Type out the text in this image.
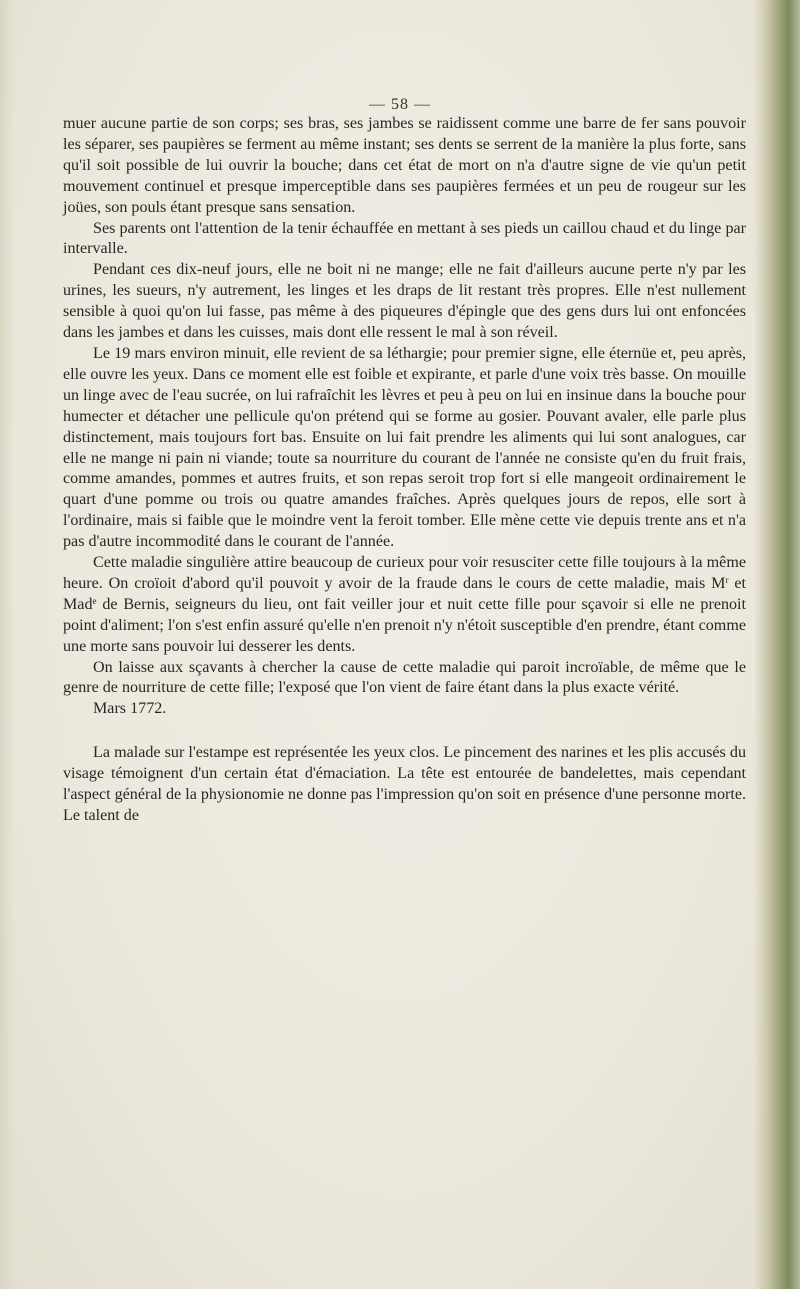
— 58 —

muer aucune partie de son corps; ses bras, ses jambes se raidissent comme une barre de fer sans pouvoir les séparer, ses paupières se ferment au même instant; ses dents se serrent de la manière la plus forte, sans qu'il soit possible de lui ouvrir la bouche; dans cet état de mort on n'a d'autre signe de vie qu'un petit mouvement continuel et presque imperceptible dans ses paupières fermées et un peu de rougeur sur les joües, son pouls étant presque sans sensation.

Ses parents ont l'attention de la tenir échauffée en mettant à ses pieds un caillou chaud et du linge par intervalle.

Pendant ces dix-neuf jours, elle ne boit ni ne mange; elle ne fait d'ailleurs aucune perte n'y par les urines, les sueurs, n'y autrement, les linges et les draps de lit restant très propres. Elle n'est nullement sensible à quoi qu'on lui fasse, pas même à des piqueures d'épingle que des gens durs lui ont enfoncées dans les jambes et dans les cuisses, mais dont elle ressent le mal à son réveil.

Le 19 mars environ minuit, elle revient de sa léthargie; pour premier signe, elle éternüe et, peu après, elle ouvre les yeux. Dans ce moment elle est foible et expirante, et parle d'une voix très basse. On mouille un linge avec de l'eau sucrée, on lui rafraîchit les lèvres et peu à peu on lui en insinue dans la bouche pour humecter et détacher une pellicule qu'on prétend qui se forme au gosier. Pouvant avaler, elle parle plus distinctement, mais toujours fort bas. Ensuite on lui fait prendre les aliments qui lui sont analogues, car elle ne mange ni pain ni viande; toute sa nourriture du courant de l'année ne consiste qu'en du fruit frais, comme amandes, pommes et autres fruits, et son repas seroit trop fort si elle mangeoit ordinairement le quart d'une pomme ou trois ou quatre amandes fraîches. Après quelques jours de repos, elle sort à l'ordinaire, mais si faible que le moindre vent la feroit tomber. Elle mène cette vie depuis trente ans et n'a pas d'autre incommodité dans le courant de l'année.

Cette maladie singulière attire beaucoup de curieux pour voir resusciter cette fille toujours à la même heure. On croïoit d'abord qu'il pouvoit y avoir de la fraude dans le cours de cette maladie, mais $M^r$ et Mad$^e$ de Bernis, seigneurs du lieu, ont fait veiller jour et nuit cette fille pour sçavoir si elle ne prenoit point d'aliment; l'on s'est enfin assuré qu'elle n'en prenoit n'y n'étoit susceptible d'en prendre, étant comme une morte sans pouvoir lui desserer les dents.

On laisse aux sçavants à chercher la cause de cette maladie qui paroit incroïable, de même que le genre de nourriture de cette fille; l'exposé que l'on vient de faire étant dans la plus exacte vérité.

Mars 1772.

La malade sur l'estampe est représentée les yeux clos. Le pincement des narines et les plis accusés du visage témoignent d'un certain état d'émaciation. La tête est entourée de bandelettes, mais cependant l'aspect général de la physionomie ne donne pas l'impression qu'on soit en présence d'une personne morte. Le talent de
